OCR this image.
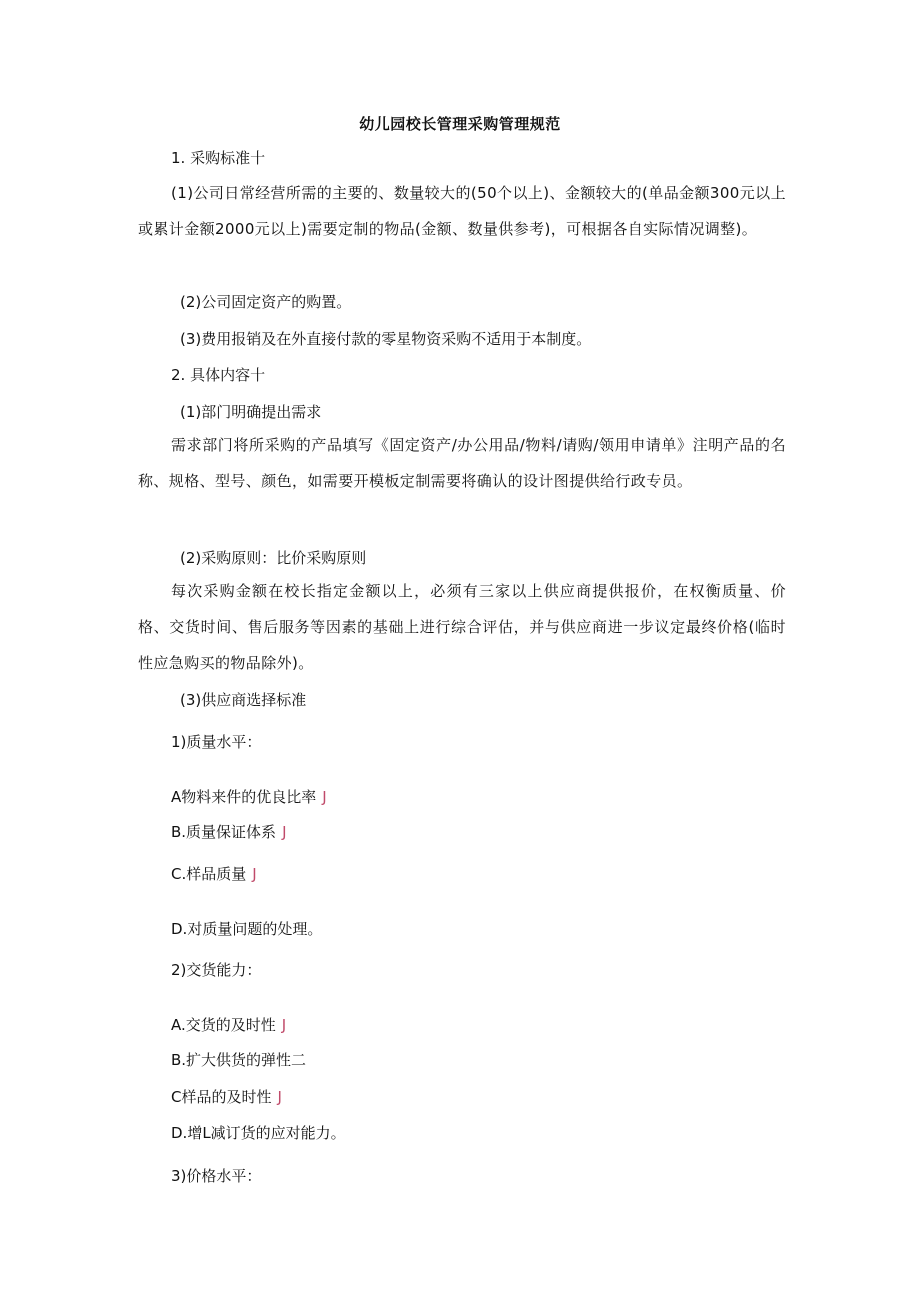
幼儿园校长管理采购管理规范
1. 采购标准十
(1)公司日常经营所需的主要的、数量较大的(50个以上)、金额较大的(单品金额300元以上或累计金额2000元以上)需要定制的物品(金额、数量供参考)，可根据各自实际情况调整)。
(2)公司固定资产的购置。
(3)费用报销及在外直接付款的零星物资采购不适用于本制度。
2. 具体内容十
(1)部门明确提出需求
需求部门将所采购的产品填写《固定资产/办公用品/物料/请购/领用申请单》注明产品的名称、规格、型号、颜色，如需要开模板定制需要将确认的设计图提供给行政专员。
(2)采购原则：比价采购原则
每次采购金额在校长指定金额以上，必须有三家以上供应商提供报价，在权衡质量、价格、交货时间、售后服务等因素的基础上进行综合评估，并与供应商进一步议定最终价格(临时性应急购买的物品除外)。
(3)供应商选择标准
1)质量水平：
A物料来件的优良比率 J
B.质量保证体系 J
C.样品质量 J
D.对质量问题的处理。
2)交货能力：
A.交货的及时性 J
B.扩大供货的弹性二
C样品的及时性 J
D.增L减订货的应对能力。
3)价格水平：
